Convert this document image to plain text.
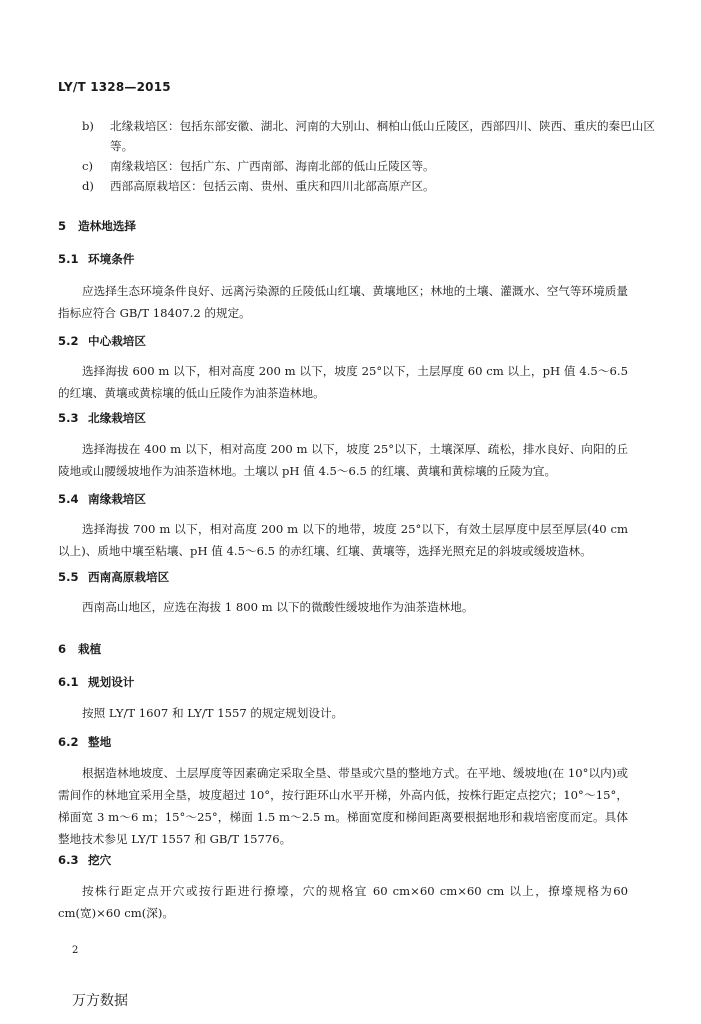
LY/T 1328—2015
b) 北缘栽培区：包括东部安徽、湖北、河南的大别山、桐柏山低山丘陵区，西部四川、陕西、重庆的秦巴山区等。
c) 南缘栽培区：包括广东、广西南部、海南北部的低山丘陵区等。
d) 西部高原栽培区：包括云南、贵州、重庆和四川北部高原产区。
5 造林地选择
5.1 环境条件
应选择生态环境条件良好、远离污染源的丘陵低山红壤、黄壤地区；林地的土壤、灌溉水、空气等环境质量指标应符合 GB/T 18407.2 的规定。
5.2 中心栽培区
选择海拔 600 m 以下，相对高度 200 m 以下，坡度 25°以下，土层厚度 60 cm 以上，pH 值 4.5～6.5的红壤、黄壤或黄棕壤的低山丘陵作为油茶造林地。
5.3 北缘栽培区
选择海拔在 400 m 以下，相对高度 200 m 以下，坡度 25°以下，土壤深厚、疏松，排水良好、向阳的丘陵地或山腰缓坡地作为油茶造林地。土壤以 pH 值 4.5～6.5 的红壤、黄壤和黄棕壤的丘陵为宜。
5.4 南缘栽培区
选择海拔 700 m 以下，相对高度 200 m 以下的地带，坡度 25°以下，有效土层厚度中层至厚层(40 cm 以上)、质地中壤至粘壤、pH 值 4.5～6.5 的赤红壤、红壤、黄壤等，选择光照充足的斜坡或缓坡造林。
5.5 西南高原栽培区
西南高山地区，应选在海拔 1 800 m 以下的微酸性缓坡地作为油茶造林地。
6 栽植
6.1 规划设计
按照 LY/T 1607 和 LY/T 1557 的规定规划设计。
6.2 整地
根据造林地坡度、土层厚度等因素确定采取全垦、带垦或穴垦的整地方式。在平地、缓坡地(在 10°以内)或需间作的林地宜采用全垦，坡度超过 10°，按行距环山水平开梯，外高内低，按株行距定点挖穴；10°～15°，梯面宽 3 m～6 m；15°～25°，梯面 1.5 m～2.5 m。梯面宽度和梯间距离要根据地形和栽培密度而定。具体整地技术参见 LY/T 1557 和 GB/T 15776。
6.3 挖穴
按株行距定点开穴或按行距进行撩壕，穴的规格宜 60 cm×60 cm×60 cm 以上，撩壕规格为60 cm(宽)×60 cm(深)。
2
万方数据
